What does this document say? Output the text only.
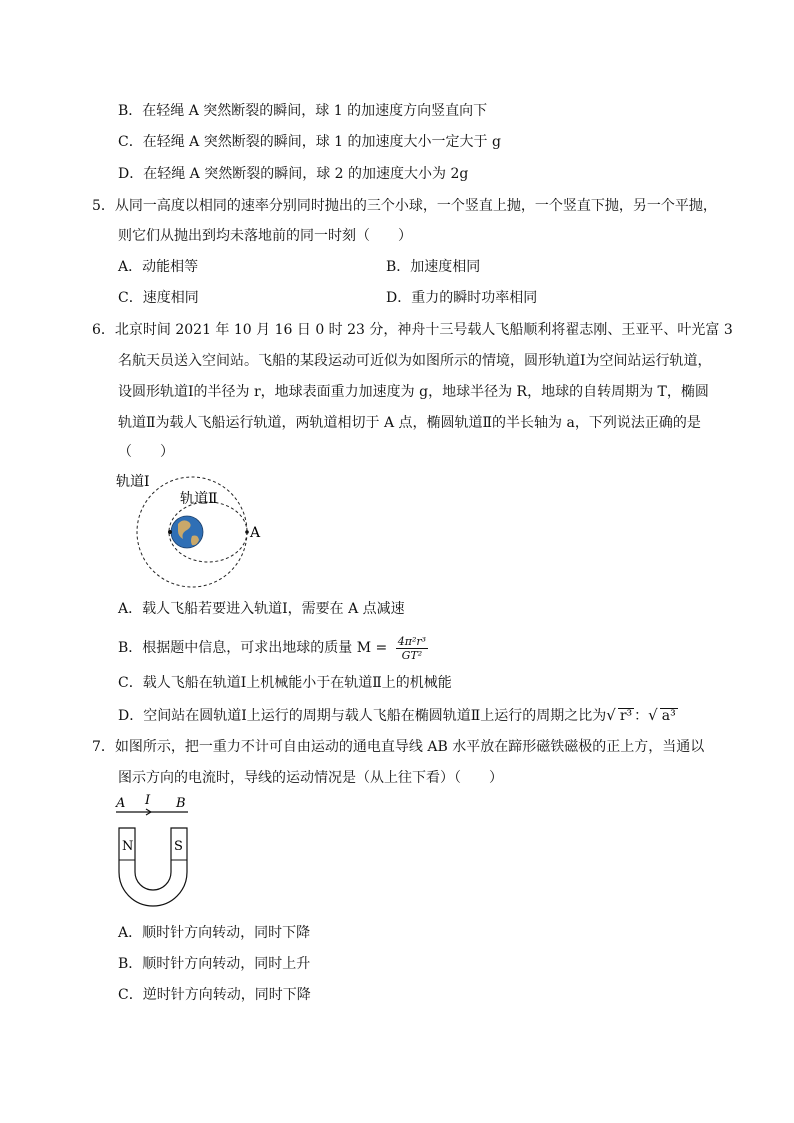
B．在轻绳 A 突然断裂的瞬间，球 1 的加速度方向竖直向下
C．在轻绳 A 突然断裂的瞬间，球 1 的加速度大小一定大于 g
D．在轻绳 A 突然断裂的瞬间，球 2 的加速度大小为 2g
5．从同一高度以相同的速率分别同时抛出的三个小球，一个竖直上抛，一个竖直下抛，另一个平抛，
则它们从抛出到均未落地前的同一时刻（　　）
A．动能相等	B．加速度相同
C．速度相同	D．重力的瞬时功率相同
6．北京时间 2021 年 10 月 16 日 0 时 23 分，神舟十三号载人飞船顺利将翟志刚、王亚平、叶光富 3
名航天员送入空间站。飞船的某段运动可近似为如图所示的情境，圆形轨道Ⅰ为空间站运行轨道，
设圆形轨道Ⅰ的半径为 r，地球表面重力加速度为 g，地球半径为 R，地球的自转周期为 T，椭圆
轨道Ⅱ为载人飞船运行轨道，两轨道相切于 A 点，椭圆轨道Ⅱ的半长轴为 a，下列说法正确的是
（　　）
轨道Ⅰ
轨道Ⅱ
A
A．载人飞船若要进入轨道Ⅰ，需要在 A 点减速
B．根据题中信息，可求出地球的质量 $M = \frac{\text{4π²r³}}{\text{GT²}}$
C．载人飞船在轨道Ⅰ上机械能小于在轨道Ⅱ上的机械能
D．空间站在圆轨道Ⅰ上运行的周期与载人飞船在椭圆轨道Ⅱ上运行的周期之比为√ r³ ：√ a³
7．如图所示，把一重力不计可自由运动的通电直导线 AB 水平放在蹄形磁铁磁极的正上方，当通以
图示方向的电流时，导线的运动情况是（从上往下看）（　　）
A I B
N	S
A．顺时针方向转动，同时下降
B．顺时针方向转动，同时上升
C．逆时针方向转动，同时下降
